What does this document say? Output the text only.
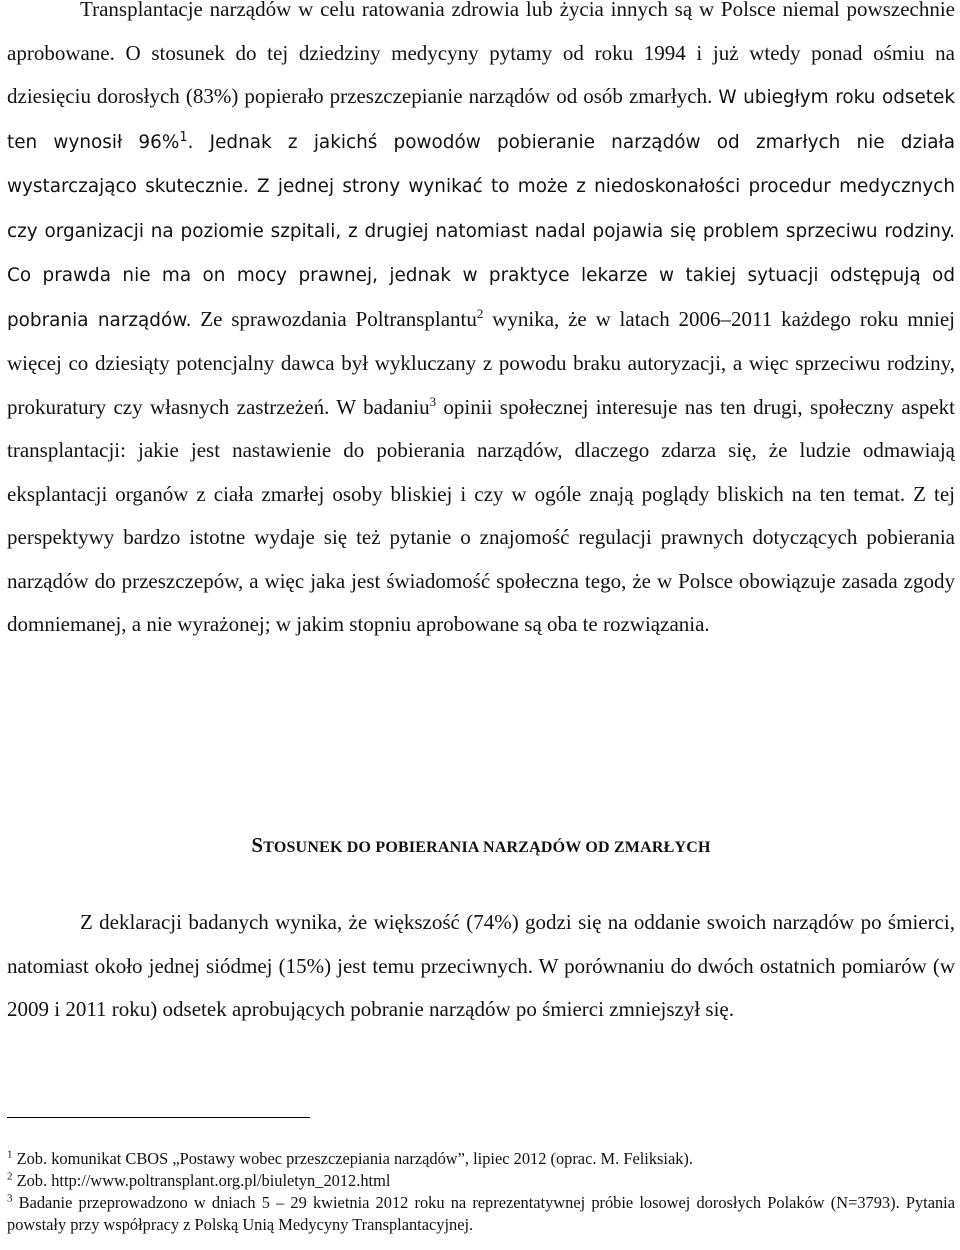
Transplantacje narządów w celu ratowania zdrowia lub życia innych są w Polsce niemal powszechnie aprobowane. O stosunek do tej dziedziny medycyny pytamy od roku 1994 i już wtedy ponad ośmiu na dziesięciu dorosłych (83%) popierało przeszczepianie narządów od osób zmarłych. W ubiegłym roku odsetek ten wynosił 96%$^1$. Jednak z jakichś powodów pobieranie narządów od zmarłych nie działa wystarczająco skutecznie. Z jednej strony wynikać to może z niedoskonałości procedur medycznych czy organizacji na poziomie szpitali, z drugiej natomiast nadal pojawia się problem sprzeciwu rodziny. Co prawda nie ma on mocy prawnej, jednak w praktyce lekarze w takiej sytuacji odstępują od pobrania narządów. Ze sprawozdania Poltransplantu$^2$ wynika, że w latach 2006–2011 każdego roku mniej więcej co dziesiąty potencjalny dawca był wykluczany z powodu braku autoryzacji, a więc sprzeciwu rodziny, prokuratury czy własnych zastrzeżeń. W badaniu$^3$ opinii społecznej interesuje nas ten drugi, społeczny aspekt transplantacji: jakie jest nastawienie do pobierania narządów, dlaczego zdarza się, że ludzie odmawiają eksplantacji organów z ciała zmarłej osoby bliskiej i czy w ogóle znają poglądy bliskich na ten temat. Z tej perspektywy bardzo istotne wydaje się też pytanie o znajomość regulacji prawnych dotyczących pobierania narządów do przeszczepów, a więc jaka jest świadomość społeczna tego, że w Polsce obowiązuje zasada zgody domniemanej, a nie wyrażonej; w jakim stopniu aprobowane są oba te rozwiązania.

STOSUNEK DO POBIERANIA NARZĄDÓW OD ZMARŁYCH

Z deklaracji badanych wynika, że większość (74%) godzi się na oddanie swoich narządów po śmierci, natomiast około jednej siódmej (15%) jest temu przeciwnych. W porównaniu do dwóch ostatnich pomiarów (w 2009 i 2011 roku) odsetek aprobujących pobranie narządów po śmierci zmniejszył się.

$^1$ Zob. komunikat CBOS „Postawy wobec przeszczepiania narządów”, lipiec 2012 (oprac. M. Feliksiak).

$^2$ Zob. http://www.poltransplant.org.pl/biuletyn_2012.html

$^3$ Badanie przeprowadzono w dniach 5 – 29 kwietnia 2012 roku na reprezentatywnej próbie losowej dorosłych Polaków (N=3793). Pytania powstały przy współpracy z Polską Unią Medycyny Transplantacyjnej.
